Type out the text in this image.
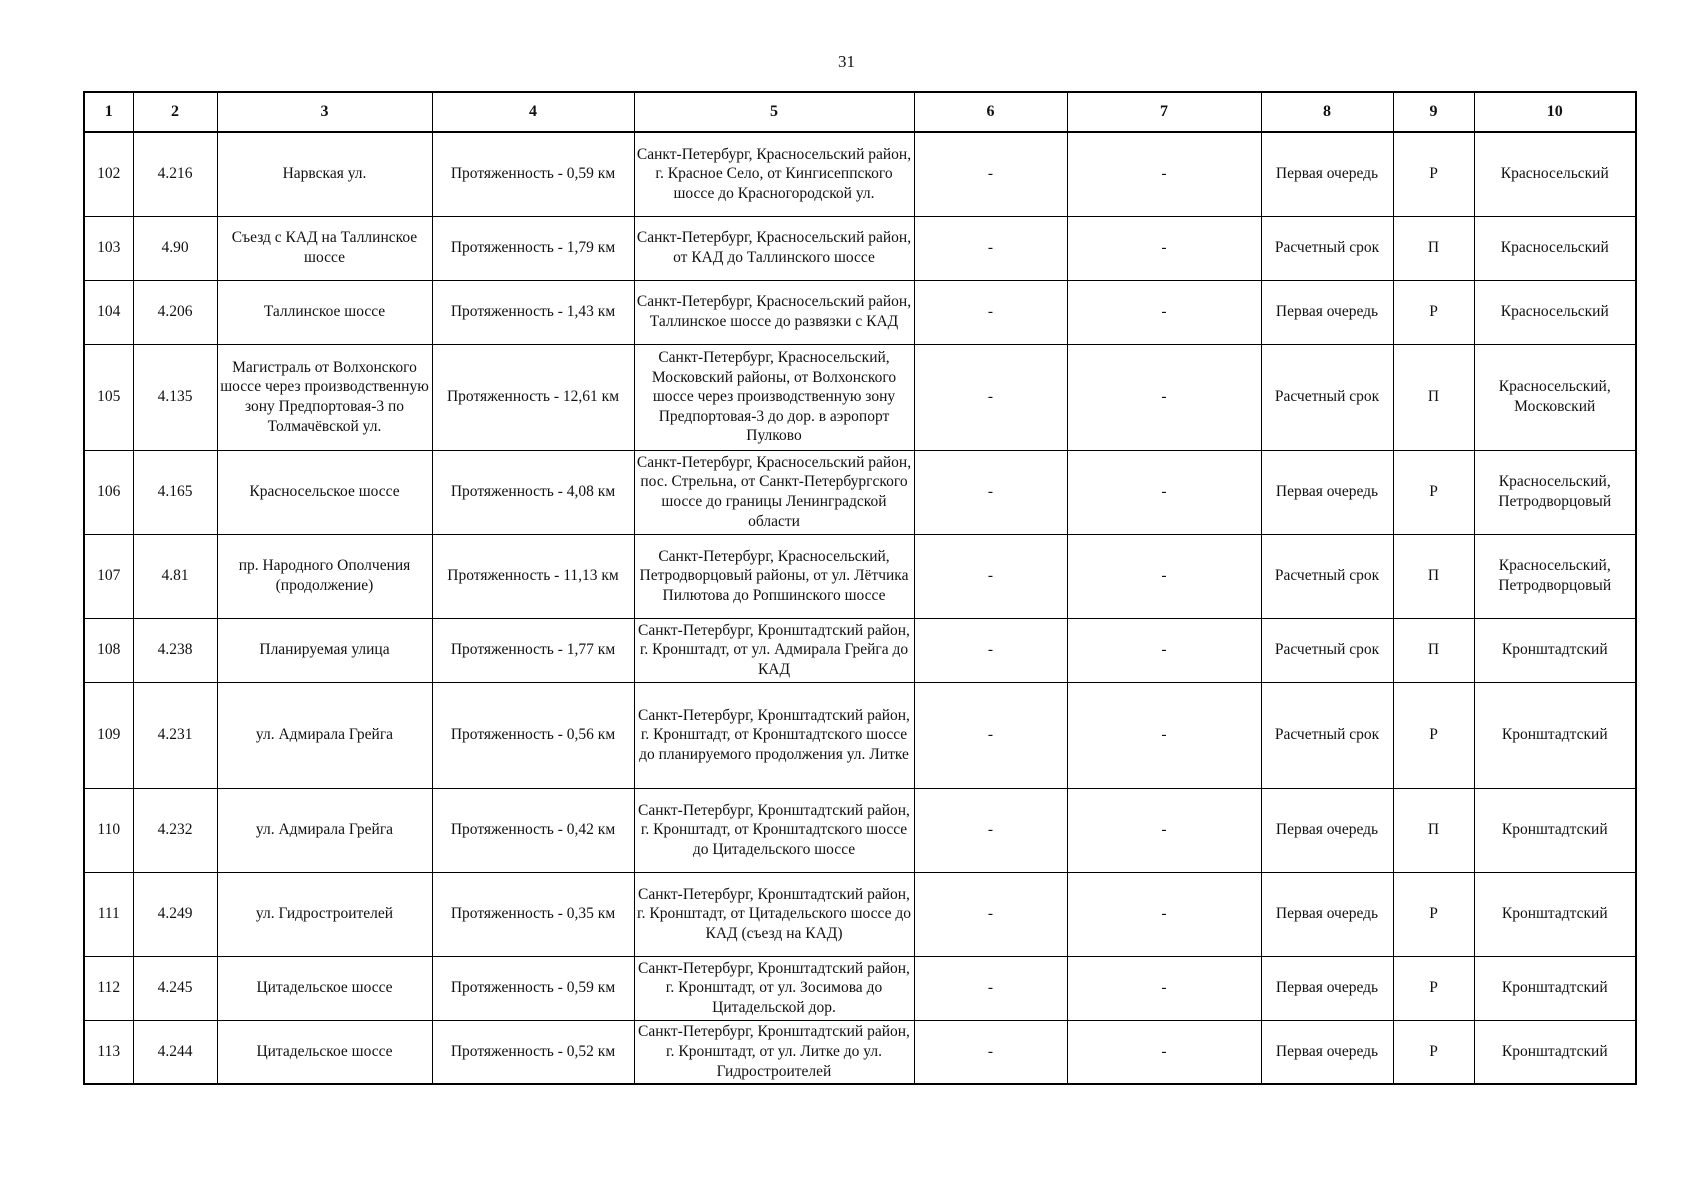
31
1	2	3	4	5	6	7	8	9	10
102	4.216	Нарвская ул.	Протяженность - 0,59 км	Санкт-Петербург, Красносельский район, г. Красное Село, от Кингисеппского шоссе до Красногородской ул.	-	-	Первая очередь	Р	Красносельский
103	4.90	Съезд с КАД на Таллинское шоссе	Протяженность - 1,79 км	Санкт-Петербург, Красносельский район, от КАД до Таллинского шоссе	-	-	Расчетный срок	П	Красносельский
104	4.206	Таллинское шоссе	Протяженность - 1,43 км	Санкт-Петербург, Красносельский район, Таллинское шоссе до развязки с КАД	-	-	Первая очередь	Р	Красносельский
105	4.135	Магистраль от Волхонского шоссе через производственную зону Предпортовая-3 по Толмачёвской ул.	Протяженность - 12,61 км	Санкт-Петербург, Красносельский, Московский районы, от Волхонского шоссе через производственную зону Предпортовая-3 до дор. в аэропорт Пулково	-	-	Расчетный срок	П	Красносельский, Московский
106	4.165	Красносельское шоссе	Протяженность - 4,08 км	Санкт-Петербург, Красносельский район, пос. Стрельна, от Санкт-Петербургского шоссе до границы Ленинградской области	-	-	Первая очередь	Р	Красносельский, Петродворцовый
107	4.81	пр. Народного Ополчения (продолжение)	Протяженность - 11,13 км	Санкт-Петербург, Красносельский, Петродворцовый районы, от ул. Лётчика Пилютова до Ропшинского шоссе	-	-	Расчетный срок	П	Красносельский, Петродворцовый
108	4.238	Планируемая улица	Протяженность - 1,77 км	Санкт-Петербург, Кронштадтский район, г. Кронштадт, от ул. Адмирала Грейга до КАД	-	-	Расчетный срок	П	Кронштадтский
109	4.231	ул. Адмирала Грейга	Протяженность - 0,56 км	Санкт-Петербург, Кронштадтский район, г. Кронштадт, от Кронштадтского шоссе до планируемого продолжения ул. Литке	-	-	Расчетный срок	Р	Кронштадтский
110	4.232	ул. Адмирала Грейга	Протяженность - 0,42 км	Санкт-Петербург, Кронштадтский район, г. Кронштадт, от Кронштадтского шоссе до Цитадельского шоссе	-	-	Первая очередь	П	Кронштадтский
111	4.249	ул. Гидростроителей	Протяженность - 0,35 км	Санкт-Петербург, Кронштадтский район, г. Кронштадт, от Цитадельского шоссе до КАД (съезд на КАД)	-	-	Первая очередь	Р	Кронштадтский
112	4.245	Цитадельское шоссе	Протяженность - 0,59 км	Санкт-Петербург, Кронштадтский район, г. Кронштадт, от ул. Зосимова до Цитадельской дор.	-	-	Первая очередь	Р	Кронштадтский
113	4.244	Цитадельское шоссе	Протяженность - 0,52 км	Санкт-Петербург, Кронштадтский район, г. Кронштадт, от ул. Литке до ул. Гидростроителей	-	-	Первая очередь	Р	Кронштадтский
